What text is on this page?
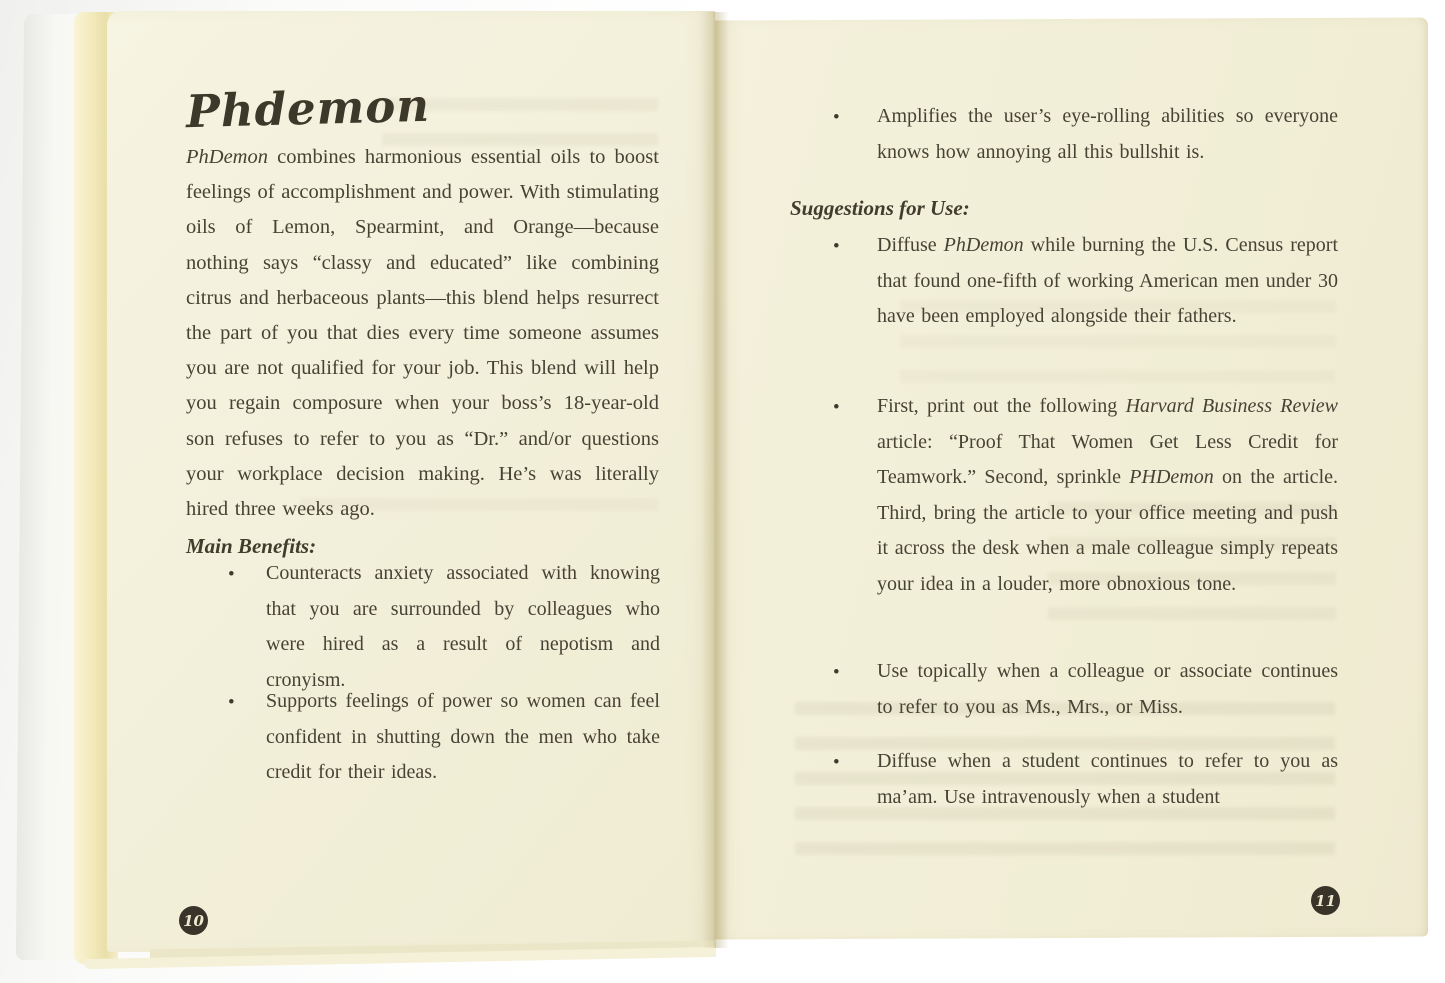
Phdemon
PhDemon combines harmonious essential oils to boost feelings of accomplishment and power. With stimulating oils of Lemon, Spearmint, and Orange—because nothing says “classy and educated” like combining citrus and herbaceous plants—this blend helps resurrect the part of you that dies every time someone assumes you are not qualified for your job. This blend will help you regain composure when your boss’s 18-year-old son refuses to refer to you as “Dr.” and/or questions your workplace decision making. He’s was literally hired three weeks ago.
Main Benefits:
•	Counteracts anxiety associated with knowing that you are surrounded by colleagues who were hired as a result of nepotism and cronyism.
•	Supports feelings of power so women can feel confident in shutting down the men who take credit for their ideas.
10
•	Amplifies the user’s eye-rolling abilities so everyone knows how annoying all this bullshit is.
Suggestions for Use:
•	Diffuse PhDemon while burning the U.S. Census report that found one-fifth of working American men under 30 have been employed alongside their fathers.
•	First, print out the following Harvard Business Review article: “Proof That Women Get Less Credit for Teamwork.” Second, sprinkle PHDemon on the article. Third, bring the article to your office meeting and push it across the desk when a male colleague simply repeats your idea in a louder, more obnoxious tone.
•	Use topically when a colleague or associate continues to refer to you as Ms., Mrs., or Miss.
•	Diffuse when a student continues to refer to you as ma’am. Use intravenously when a student
11
